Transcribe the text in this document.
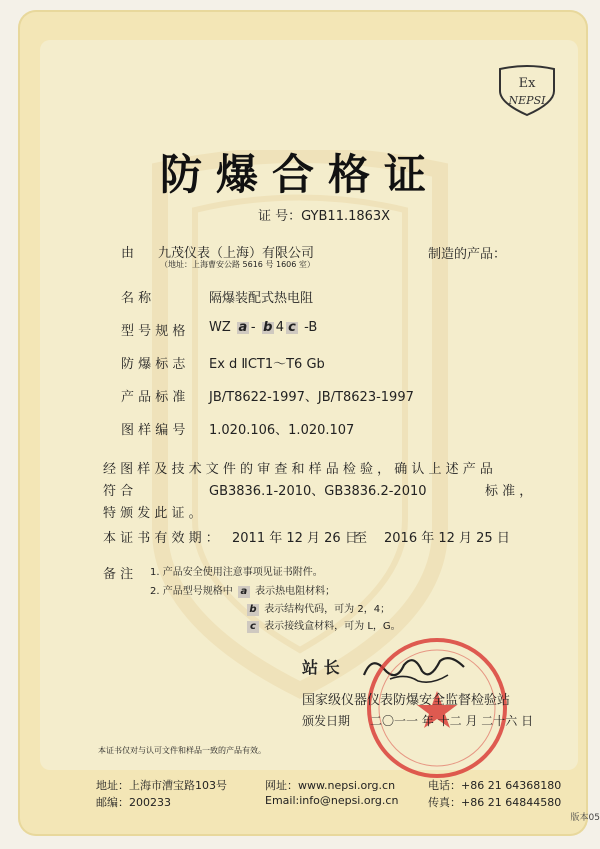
Ex
NEPSI
防爆合格证
证 号：GYB11.1863X
由 九茂仪表（上海）有限公司
（地址：上海曹安公路 5616 号 1606 室）
制造的产品：
名 称	隔爆装配式热电阻
型 号 规 格 WZ a - b 4 c -B
防 爆 标 志 Ex d ⅡCT1～T6 Gb
产 品 标 准 JB/T8622-1997、JB/T8623-1997
图 样 编 号 1.020.106、1.020.107
经 图 样 及 技 术 文 件 的 审 查 和 样 品 检 验 ， 确 认 上 述 产 品
符 合	GB3836.1-2010、GB3836.2-2010	标 准 ，
特 颁 发 此 证 。
本 证 书 有 效 期 ： 2011 年 12 月 26 日
至 2016 年 12 月 25 日
备 注 1. 产品安全使用注意事项见证书附件。
2. 产品型号规格中 a 表示热电阻材料；
b 表示结构代码，可为 2，4；
c 表示接线盒材料，可为 L，G。
站 长
国家级仪器仪表防爆安全监督检验站
颁发日期 二〇一一 年 十二 月 二十六 日
本证书仅对与认可文件和样品一致的产品有效。
地址：上海市漕宝路103号
邮编：200233
网址：www.nepsi.org.cn
Email:info@nepsi.org.cn
电话：+86 21 64368180
传真：+86 21 64844580
版本05
